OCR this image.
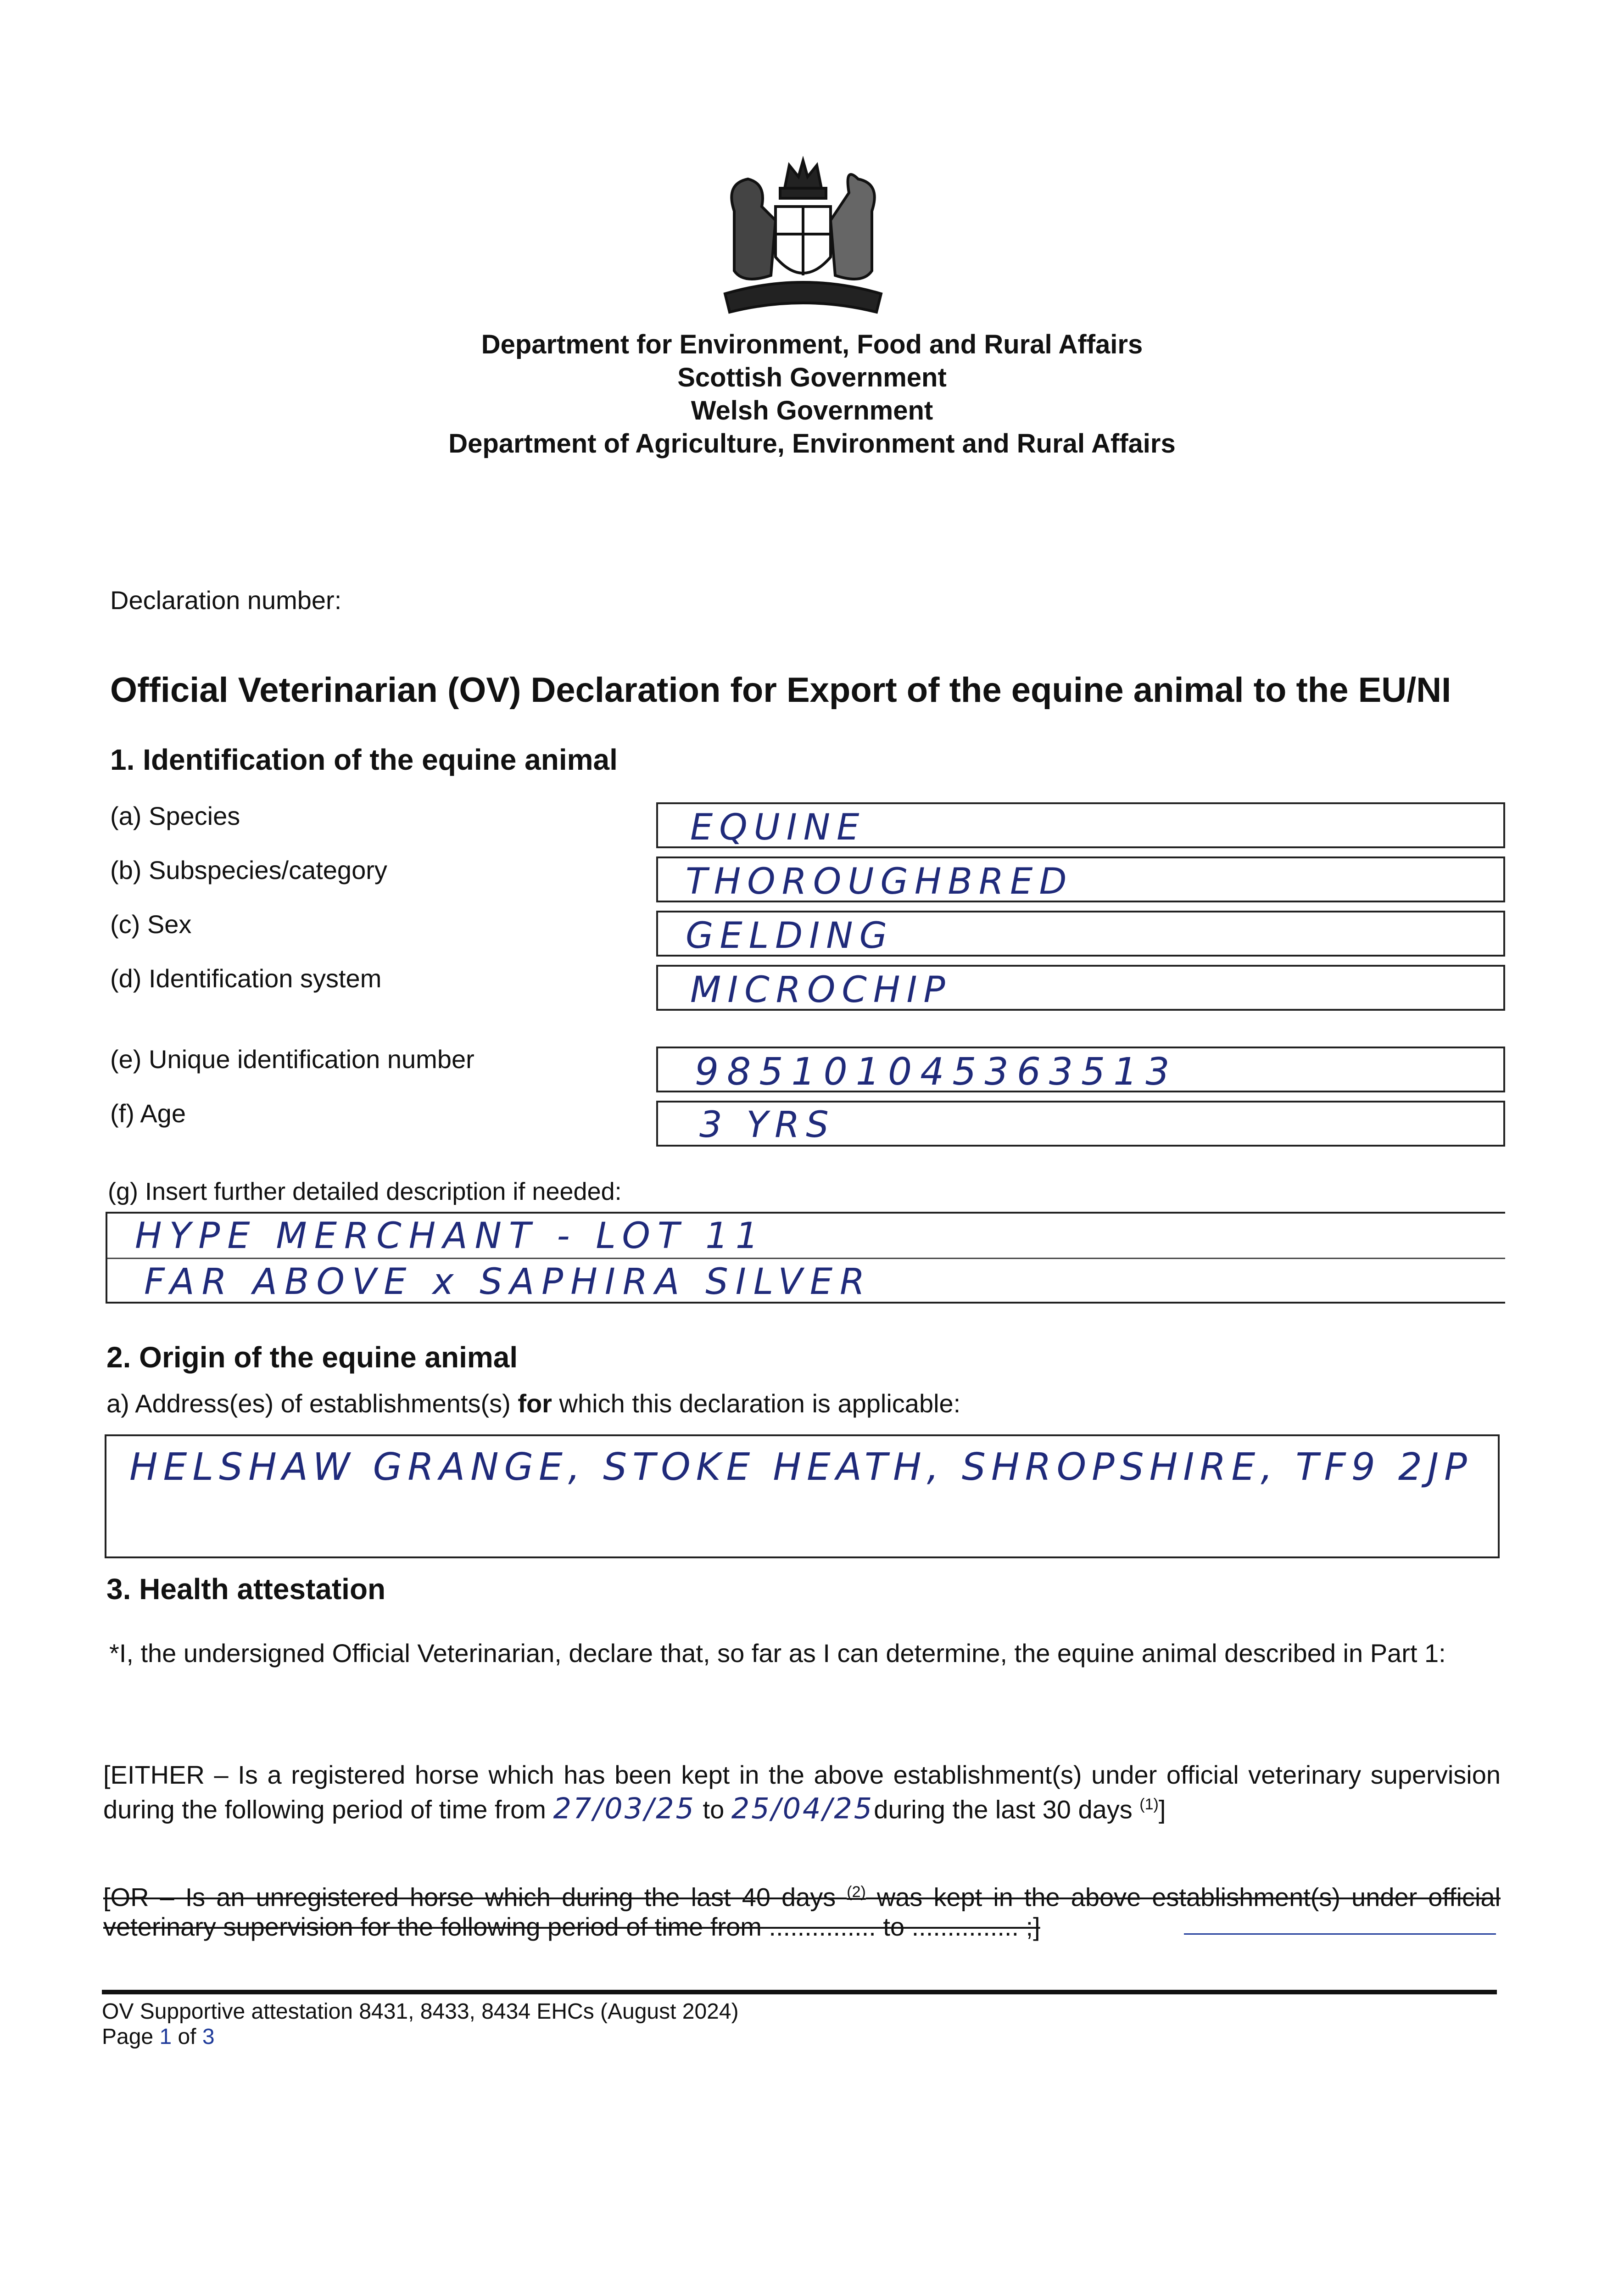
Department for Environment, Food and Rural Affairs
Scottish Government
Welsh Government
Department of Agriculture, Environment and Rural Affairs
Declaration number:
Official Veterinarian (OV) Declaration for Export of the equine animal to the EU/NI
1. Identification of the equine animal
(a) Species	EQUINE
(b) Subspecies/category	THOROUGHBRED
(c) Sex	GELDING
(d) Identification system	MICROCHIP
(e) Unique identification number	985101045363513
(f) Age	3 YRS
(g) Insert further detailed description if needed:
HYPE MERCHANT - LOT 11
FAR ABOVE x SAPHIRA SILVER
2. Origin of the equine animal
a) Address(es) of establishments(s) for which this declaration is applicable:
HELSHAW GRANGE, STOKE HEATH, SHROPSHIRE, TF9 2JP
3. Health attestation
*I, the undersigned Official Veterinarian, declare that, so far as I can determine, the equine animal described in Part 1:
[EITHER – Is a registered horse which has been kept in the above establishment(s) under official veterinary supervision during the following period of time from 27/03/25 to 25/04/25during the last 30 days $^{(1)}$]
[OR – Is an unregistered horse which during the last 40 days $^{(2)}$ was kept in the above establishment(s) under official veterinary supervision for the following period of time from ............... to ............... ;]
OV Supportive attestation 8431, 8433, 8434 EHCs (August 2024)
Page 1 of 3
